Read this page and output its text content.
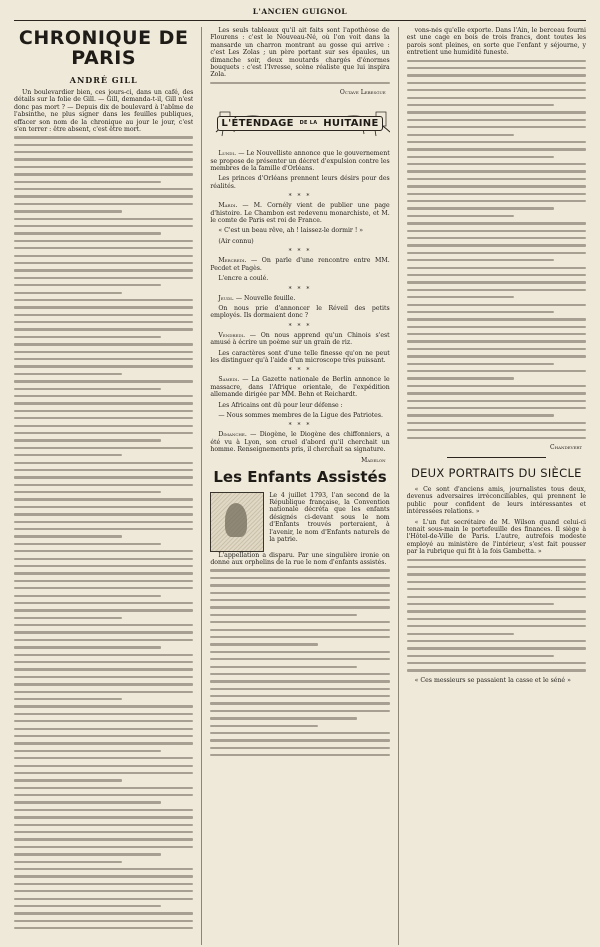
L'ANCIEN GUIGNOL
CHRONIQUE DE PARIS
ANDRÉ GILL

Un boulevardier bien, ces jours-ci, dans un café, des détails sur la folie de Gill. — Gill, demanda-t-il, Gill n'est donc pas mort ? — Depuis dix de boulevard à l'abîme de l'absinthe, ne plus signer dans les feuilles publiques, effacer son nom de la chronique au jour le jour, c'est s'en terrer : être absent, c'est être mort.

Les seuls tableaux qu'il ait faits sont l'apothéose de Flourens : c'est le Nouveau-Né, où l'on voit dans la mansarde un charron montrant au gosse qui arrive : c'est Les Zolas ; un père portant sur ses épaules, un dimanche soir, deux moutards chargés d'énormes bouquets : c'est l'Ivresse, scène réaliste que lui inspira Zola.

Octave Lebesgue
L'ÉTENDAGE DE LA HUITAINE

Lundi. — Le Nouvelliste annonce que le gouvernement se propose de présenter un décret d'expulsion contre les membres de la famille d'Orléans.

Les princes d'Orléans prennent leurs désirs pour des réalités.

* * *

Mardi. — M. Cornély vient de publier une page d'histoire. Le Chambon est redevenu monarchiste, et M. le comte de Paris est roi de France.

« C'est un beau rêve, ah ! laissez-le dormir ! »

(Air connu)

* * *

Mercredi. — On parle d'une rencontre entre MM. Pecdet et Pagès.

L'encre a coulé.

* * *

Jeudi. — Nouvelle feuille.

On nous prie d'annoncer le Réveil des petits employés. Ils dormaient donc ?

* * *

Vendredi. — On nous apprend qu'un Chinois s'est amusé à écrire un poème sur un grain de riz.

Les caractères sont d'une telle finesse qu'on ne peut les distinguer qu'à l'aide d'un microscope très puissant.

* * *

Samedi. — La Gazette nationale de Berlin annonce le massacre, dans l'Afrique orientale, de l'expédition allemande dirigée par MM. Behn et Reichardt.

Les Africains ont dû pour leur défense :

— Nous sommes membres de la Ligue des Patriotes.

* * *

Dimanche. — Diogène, le Diogène des chiffonniers, a été vu à Lyon, son cruel d'abord qu'il cherchait un homme. Renseignements pris, il cherchait sa signature.

Madelon
Les Enfants Assistés

Le 4 juillet 1793, l'an second de la République française, la Convention nationale décréta que les enfants désignés ci-devant sous le nom d'Enfants trouvés porteraient, à l'avenir, le nom d'Enfants naturels de la patrie.

L'appellation a disparu. Par une singulière ironie on donne aux orphelins de la rue le nom d'enfants assistés.

vons-nés qu'elle exporte. Dans l'Ain, le berceau fourni est une cage en bois de trois francs, dont toutes les parois sont pleines, en sorte que l'enfant y séjourne, y entretient une humidité funeste.

Chandevert
DEUX PORTRAITS DU SIÈCLE

« Ce sont d'anciens amis, journalistes tous deux, devenus adversaires irréconciliables, qui prennent le public pour confident de leurs intéressantes et intéressées relations. »

« L'un fut secrétaire de M. Wilson quand celui-ci tenait sous-main le portefeuille des finances. Il siège à l'Hôtel-de-Ville de Paris. L'autre, autrefois modeste employé au ministère de l'intérieur, s'est fait pousser par la rubrique qui fit à la fois Gambetta. »

« Ces messieurs se passaient la casse et le séné »
